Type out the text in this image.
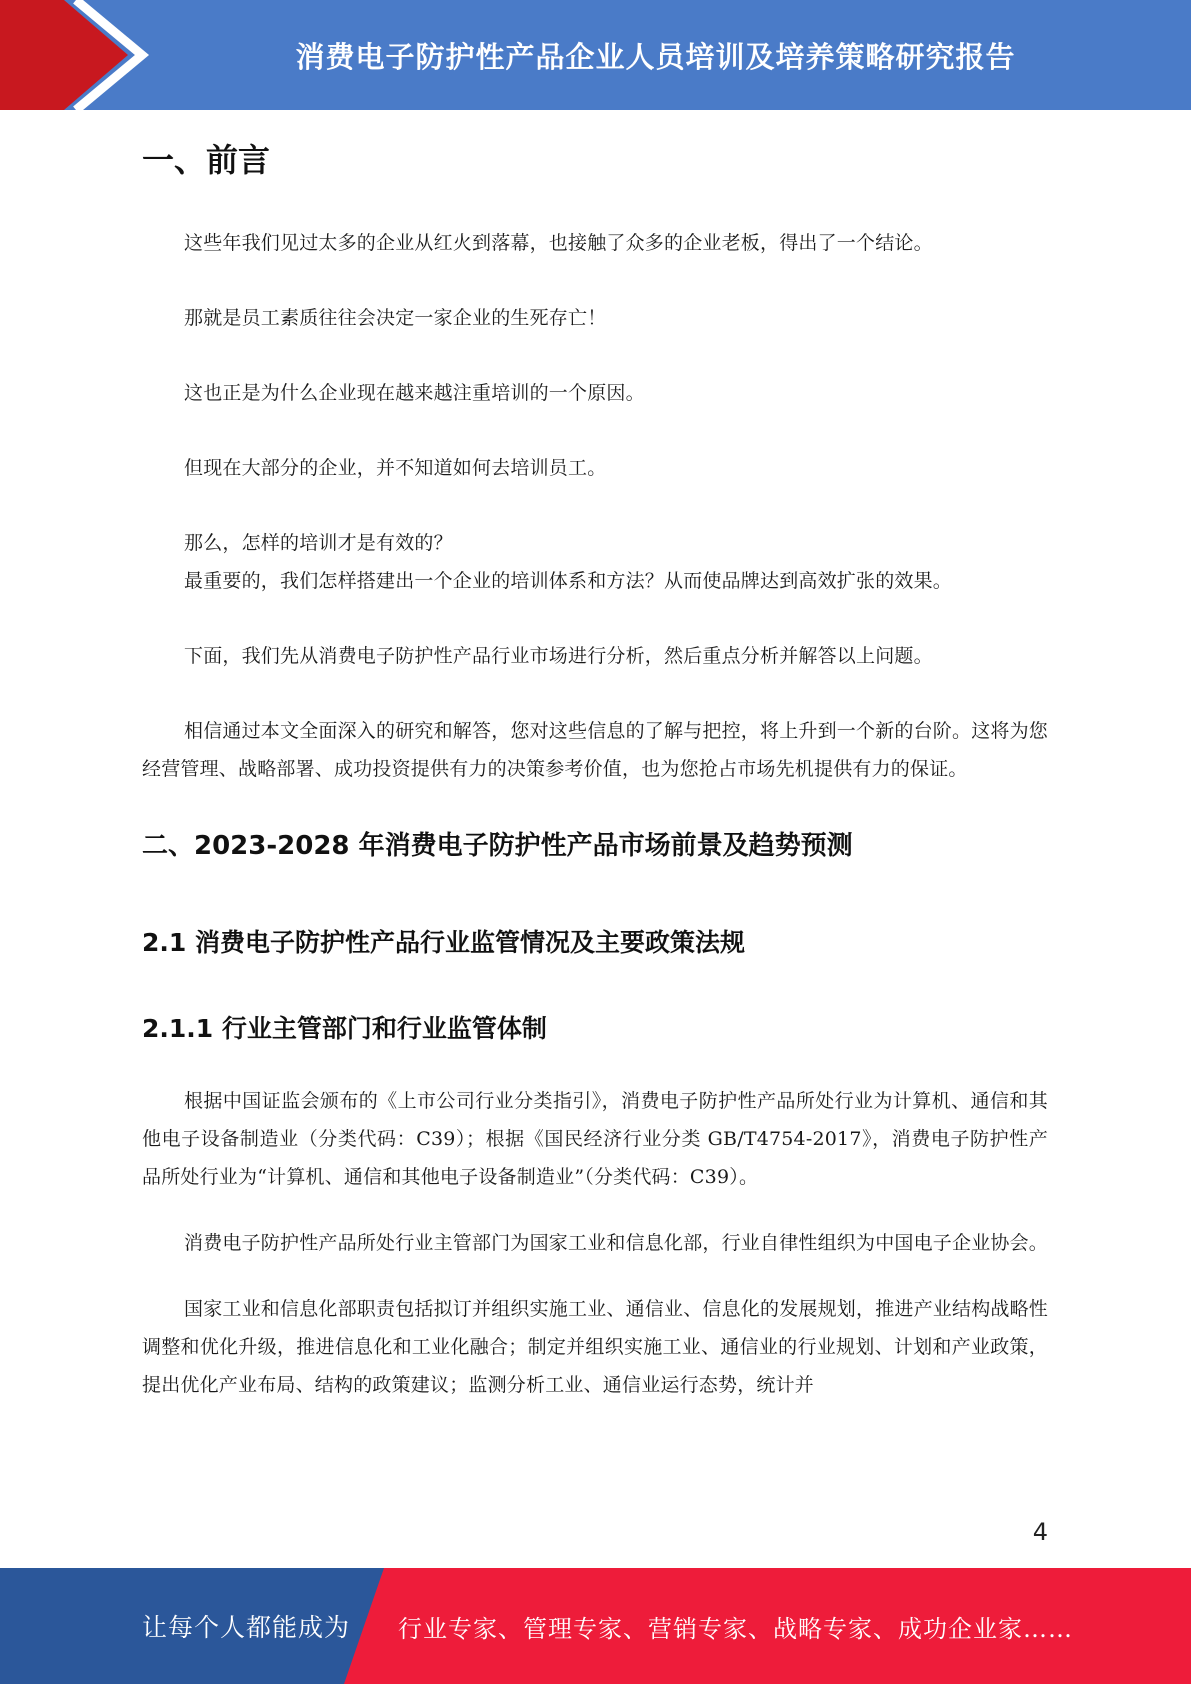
消费电子防护性产品企业人员培训及培养策略研究报告
一、前言

这些年我们见过太多的企业从红火到落幕，也接触了众多的企业老板，得出了一个结论。

那就是员工素质往往会决定一家企业的生死存亡！

这也正是为什么企业现在越来越注重培训的一个原因。

但现在大部分的企业，并不知道如何去培训员工。

那么，怎样的培训才是有效的？

最重要的，我们怎样搭建出一个企业的培训体系和方法？从而使品牌达到高效扩张的效果。

下面，我们先从消费电子防护性产品行业市场进行分析，然后重点分析并解答以上问题。

相信通过本文全面深入的研究和解答，您对这些信息的了解与把控，将上升到一个新的台阶。这将为您经营管理、战略部署、成功投资提供有力的决策参考价值，也为您抢占市场先机提供有力的保证。

二、2023-2028 年消费电子防护性产品市场前景及趋势预测
2.1 消费电子防护性产品行业监管情况及主要政策法规
2.1.1 行业主管部门和行业监管体制

根据中国证监会颁布的《上市公司行业分类指引》，消费电子防护性产品所处行业为计算机、通信和其他电子设备制造业（分类代码：C39）；根据《国民经济行业分类 GB/T4754-2017》，消费电子防护性产品所处行业为“计算机、通信和其他电子设备制造业”（分类代码：C39）。

消费电子防护性产品所处行业主管部门为国家工业和信息化部，行业自律性组织为中国电子企业协会。

国家工业和信息化部职责包括拟订并组织实施工业、通信业、信息化的发展规划，推进产业结构战略性调整和优化升级，推进信息化和工业化融合；制定并组织实施工业、通信业的行业规划、计划和产业政策，提出优化产业布局、结构的政策建议；监测分析工业、通信业运行态势，统计并

4
让每个人都能成为 行业专家、管理专家、营销专家、战略专家、成功企业家……
